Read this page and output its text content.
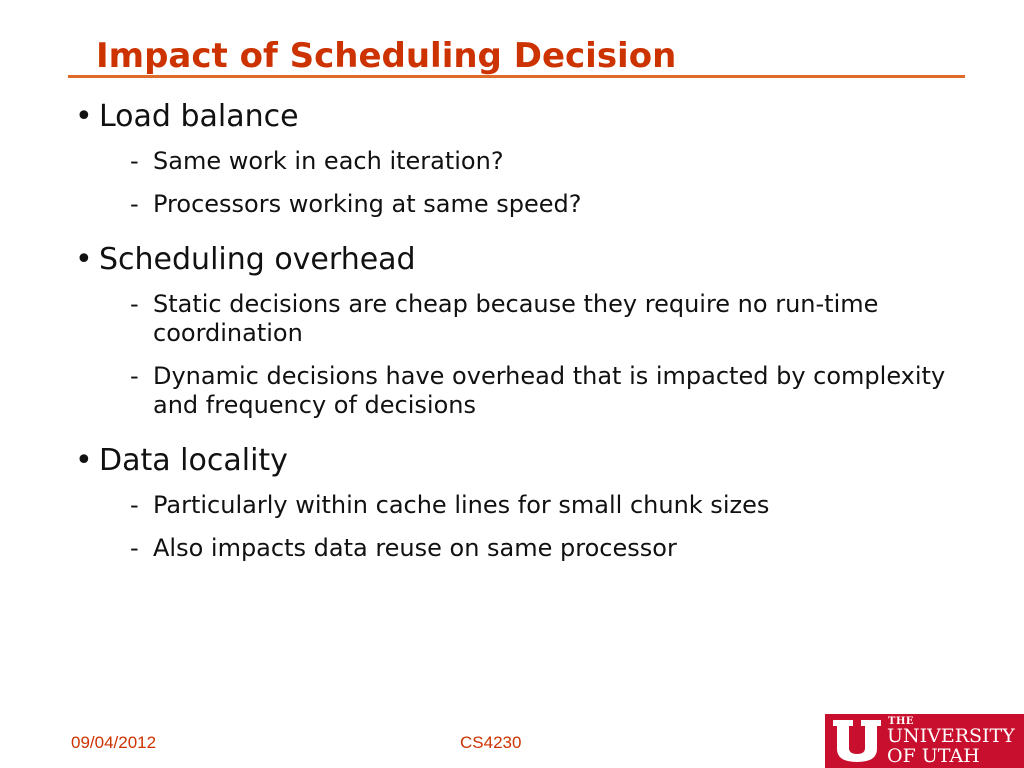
Impact of Scheduling Decision
• Load balance
- Same work in each iteration?
- Processors working at same speed?
• Scheduling overhead
- Static decisions are cheap because they require no run-time coordination
- Dynamic decisions have overhead that is impacted by complexity and frequency of decisions
• Data locality
- Particularly within cache lines for small chunk sizes
- Also impacts data reuse on same processor
09/04/2012	CS4230
THE
UNIVERSITY
OF UTAH
